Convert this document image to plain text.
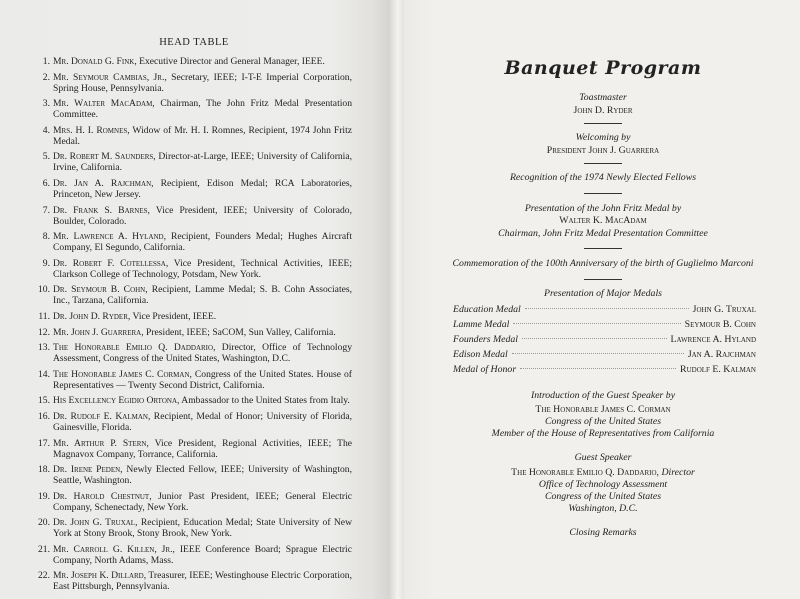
HEAD TABLE
1. Mr. Donald G. Fink, Executive Director and General Manager, IEEE.
2. Mr. Seymour Cambias, Jr., Secretary, IEEE; I-T-E Imperial Corporation, Spring House, Pennsylvania.
3. Mr. Walter MacAdam, Chairman, The John Fritz Medal Presentation Committee.
4. Mrs. H. I. Romnes, Widow of Mr. H. I. Romnes, Recipient, 1974 John Fritz Medal.
5. Dr. Robert M. Saunders, Director-at-Large, IEEE; University of California, Irvine, California.
6. Dr. Jan A. Rajchman, Recipient, Edison Medal; RCA Laboratories, Princeton, New Jersey.
7. Dr. Frank S. Barnes, Vice President, IEEE; University of Colorado, Boulder, Colorado.
8. Mr. Lawrence A. Hyland, Recipient, Founders Medal; Hughes Aircraft Company, El Segundo, California.
9. Dr. Robert F. Cotellessa, Vice President, Technical Activities, IEEE; Clarkson College of Technology, Potsdam, New York.
10. Dr. Seymour B. Cohn, Recipient, Lamme Medal; S. B. Cohn Associates, Inc., Tarzana, California.
11. Dr. John D. Ryder, Vice President, IEEE.
12. Mr. John J. Guarrera, President, IEEE; SaCOM, Sun Valley, California.
13. The Honorable Emilio Q. Daddario, Director, Office of Technology Assessment, Congress of the United States, Washington, D.C.
14. The Honorable James C. Corman, Congress of the United States. House of Representatives — Twenty Second District, California.
15. His Excellency Egidio Ortona, Ambassador to the United States from Italy.
16. Dr. Rudolf E. Kalman, Recipient, Medal of Honor; University of Florida, Gainesville, Florida.
17. Mr. Arthur P. Stern, Vice President, Regional Activities, IEEE; The Magnavox Company, Torrance, California.
18. Dr. Irene Peden, Newly Elected Fellow, IEEE; University of Washington, Seattle, Washington.
19. Dr. Harold Chestnut, Junior Past President, IEEE; General Electric Company, Schenectady, New York.
20. Dr. John G. Truxal, Recipient, Education Medal; State University of New York at Stony Brook, Stony Brook, New York.
21. Mr. Carroll G. Killen, Jr., IEEE Conference Board; Sprague Electric Company, North Adams, Mass.
22. Mr. Joseph K. Dillard, Treasurer, IEEE; Westinghouse Electric Corporation, East Pittsburgh, Pennsylvania.
Banquet Program
Toastmaster
John D. Ryder
Welcoming by
President John J. Guarrera
Recognition of the 1974 Newly Elected Fellows
Presentation of the John Fritz Medal by
Walter K. MacAdam
Chairman, John Fritz Medal Presentation Committee
Commemoration of the 100th Anniversary of the birth of Guglielmo Marconi
Presentation of Major Medals
Education Medal	John G. Truxal
Lamme Medal	Seymour B. Cohn
Founders Medal	Lawrence A. Hyland
Edison Medal	Jan A. Rajchman
Medal of Honor	Rudolf E. Kalman
Introduction of the Guest Speaker by
The Honorable James C. Corman
Congress of the United States
Member of the House of Representatives from California
Guest Speaker
The Honorable Emilio Q. Daddario, Director
Office of Technology Assessment
Congress of the United States
Washington, D.C.
Closing Remarks
